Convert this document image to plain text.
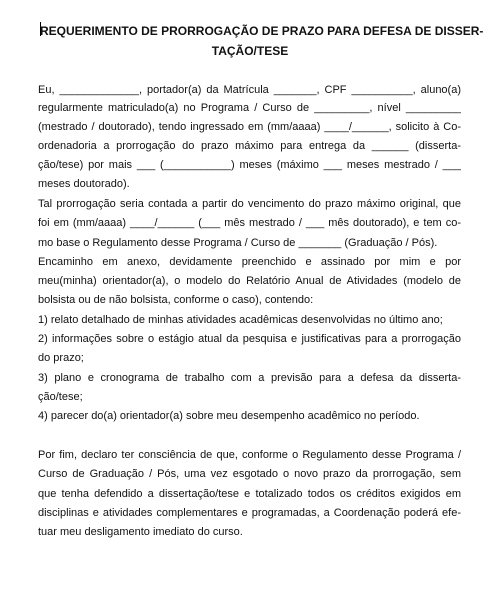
REQUERIMENTO DE PRORROGAÇÃO DE PRAZO PARA DEFESA DE DISSER-
TAÇÃO/TESE
Eu, _____________, portador(a) da Matrícula _______, CPF __________, aluno(a)
regularmente matriculado(a) no Programa / Curso de _________, nível _________
(mestrado / doutorado), tendo ingressado em (mm/aaaa) ____/______, solicito à Co-
ordenadoria a prorrogação do prazo máximo para entrega da ______ (disserta-
ção/tese) por mais ___ (___________) meses (máximo ___ meses mestrado / ___
meses doutorado).
Tal prorrogação seria contada a partir do vencimento do prazo máximo original, que
foi em (mm/aaaa) ____/______ (___ mês mestrado / ___ mês doutorado), e tem co-
mo base o Regulamento desse Programa / Curso de _______ (Graduação / Pós).
Encaminho em anexo, devidamente preenchido e assinado por mim e por
meu(minha) orientador(a), o modelo do Relatório Anual de Atividades (modelo de
bolsista ou de não bolsista, conforme o caso), contendo:
1) relato detalhado de minhas atividades acadêmicas desenvolvidas no último ano;
2) informações sobre o estágio atual da pesquisa e justificativas para a prorrogação
do prazo;
3) plano e cronograma de trabalho com a previsão para a defesa da disserta-
ção/tese;
4) parecer do(a) orientador(a) sobre meu desempenho acadêmico no período.
Por fim, declaro ter consciência de que, conforme o Regulamento desse Programa /
Curso de Graduação / Pós, uma vez esgotado o novo prazo da prorrogação, sem
que tenha defendido a dissertação/tese e totalizado todos os créditos exigidos em
disciplinas e atividades complementares e programadas, a Coordenação poderá efe-
tuar meu desligamento imediato do curso.
